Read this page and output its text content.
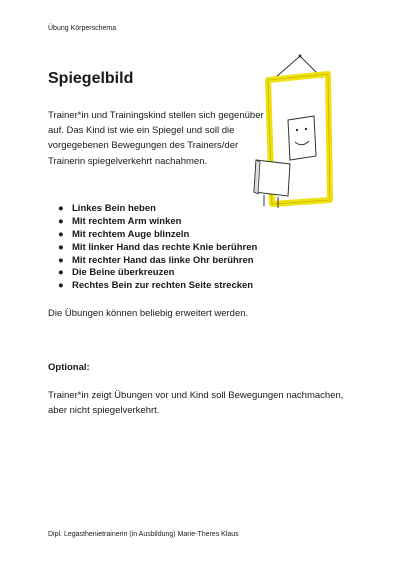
Übung Körperschema
Spiegelbild

Trainer*in und Trainingskind stellen sich gegenüber auf. Das Kind ist wie ein Spiegel und soll die vorgegebenen Bewegungen des Trainers/der Trainerin spiegelverkehrt nachahmen.

● Linkes Bein heben
● Mit rechtem Arm winken
● Mit rechtem Auge blinzeln
● Mit linker Hand das rechte Knie berühren
● Mit rechter Hand das linke Ohr berühren
● Die Beine überkreuzen
● Rechtes Bein zur rechten Seite strecken

Die Übungen können beliebig erweitert werden.

Optional:

Trainer*in zeigt Übungen vor und Kind soll Bewegungen nachmachen, aber nicht spiegelverkehrt.

Dipl. Legasthenietrainerin (in Ausbildung) Marie-Theres Klaus
